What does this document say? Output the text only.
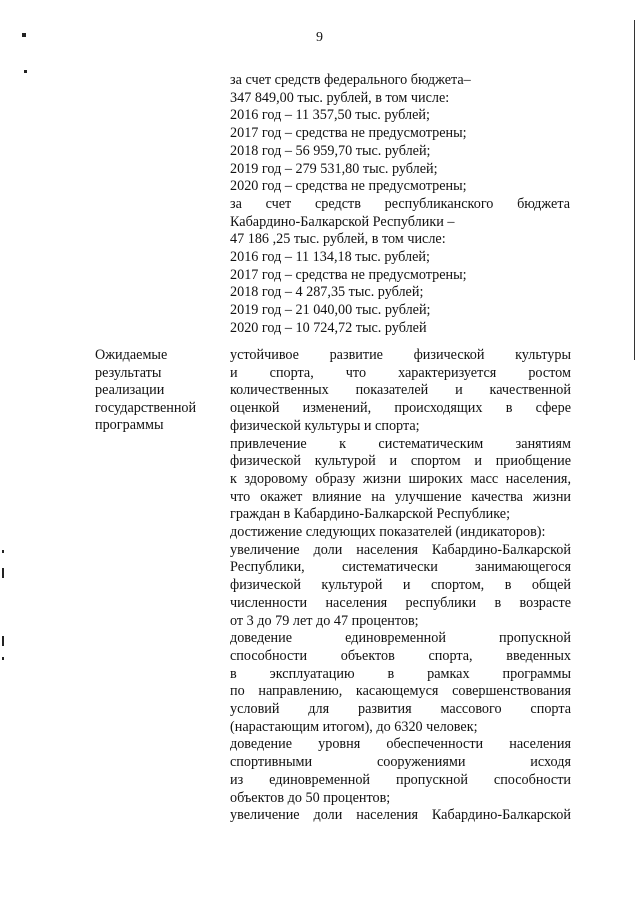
9
за счет средств федерального бюджета–
347 849,00 тыс. рублей, в том числе:
2016 год – 11 357,50 тыс. рублей;
2017 год – средства не предусмотрены;
2018 год – 56 959,70 тыс. рублей;
2019 год – 279 531,80 тыс. рублей;
2020 год – средства не предусмотрены;
за счет средств республиканского бюджета
Кабардино-Балкарской Республики –
47 186 ,25 тыс. рублей, в том числе:
2016 год – 11 134,18 тыс. рублей;
2017 год – средства не предусмотрены;
2018 год – 4 287,35 тыс. рублей;
2019 год – 21 040,00 тыс. рублей;
2020 год – 10 724,72 тыс. рублей
Ожидаемые
результаты
реализации
государственной
программы
устойчивое развитие физической культуры
и спорта, что характеризуется ростом
количественных показателей и качественной
оценкой изменений, происходящих в сфере
физической культуры и спорта;
привлечение к систематическим занятиям
физической культурой и спортом и приобщение
к здоровому образу жизни широких масс населения,
что окажет влияние на улучшение качества жизни
граждан в Кабардино-Балкарской Республике;
достижение следующих показателей (индикаторов):
увеличение доли населения Кабардино-Балкарской
Республики, систематически занимающегося
физической культурой и спортом, в общей
численности населения республики в возрасте
от 3 до 79 лет до 47 процентов;
доведение единовременной пропускной
способности объектов спорта, введенных
в эксплуатацию в рамках программы
по направлению, касающемуся совершенствования
условий для развития массового спорта
(нарастающим итогом), до 6320 человек;
доведение уровня обеспеченности населения
спортивными сооружениями исходя
из единовременной пропускной способности
объектов до 50 процентов;
увеличение доли населения Кабардино-Балкарской
